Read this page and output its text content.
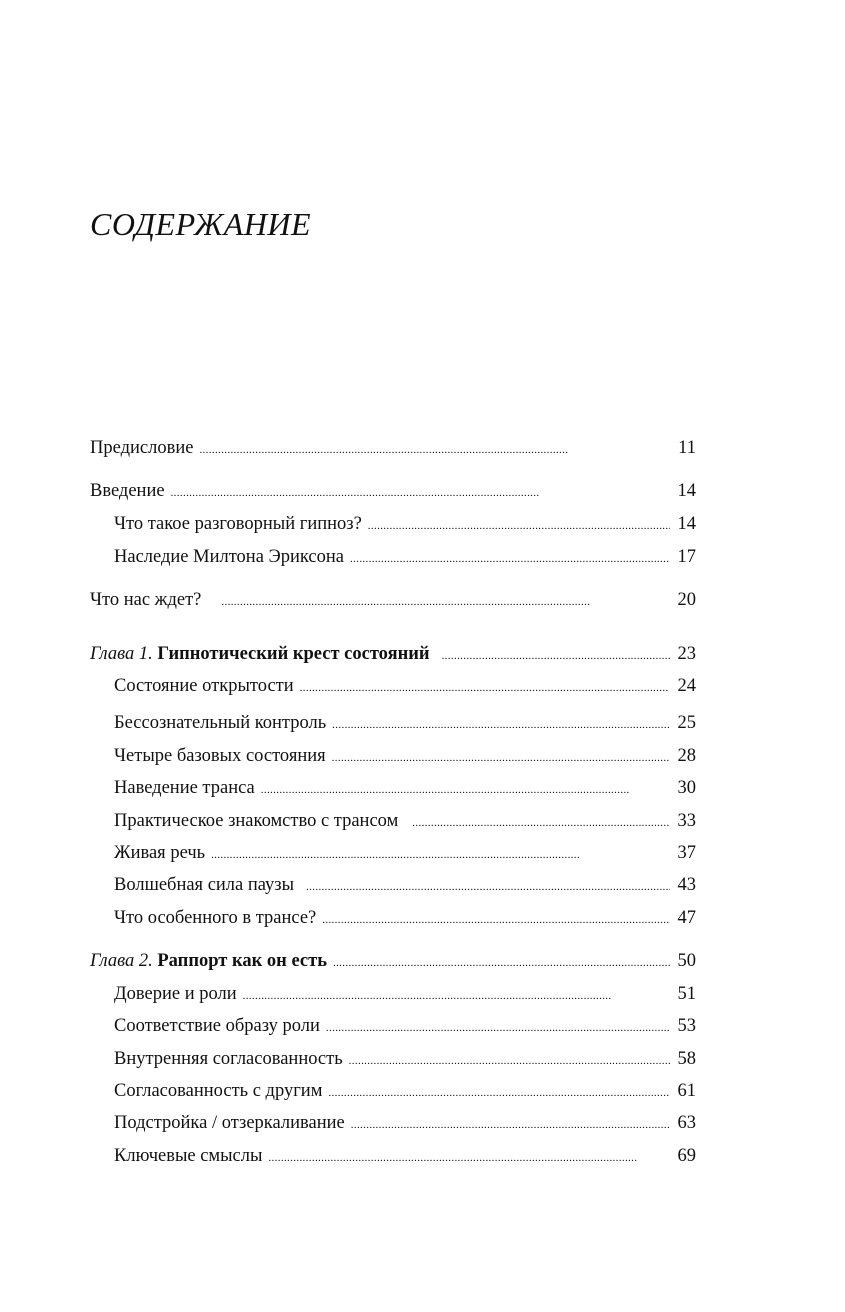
СОДЕРЖАНИЕ
Предисловие . . .	11
Введение . . .	14
Что такое разговорный гипноз? . . .	14
Наследие Милтона Эриксона . . .	17
Что нас ждет? . . .	20
Глава 1. Гипнотический крест состояний . . .	23
Состояние открытости . . .	24
Бессознательный контроль . . .	25
Четыре базовых состояния . . .	28
Наведение транса . . .	30
Практическое знакомство с трансом . . .	33
Живая речь . . .	37
Волшебная сила паузы . . .	43
Что особенного в трансе? . . .	47
Глава 2. Раппорт как он есть . . .	50
Доверие и роли . . .	51
Соответствие образу роли . . .	53
Внутренняя согласованность . . .	58
Согласованность с другим . . .	61
Подстройка / отзеркаливание . . .	63
Ключевые смыслы . . .	69
